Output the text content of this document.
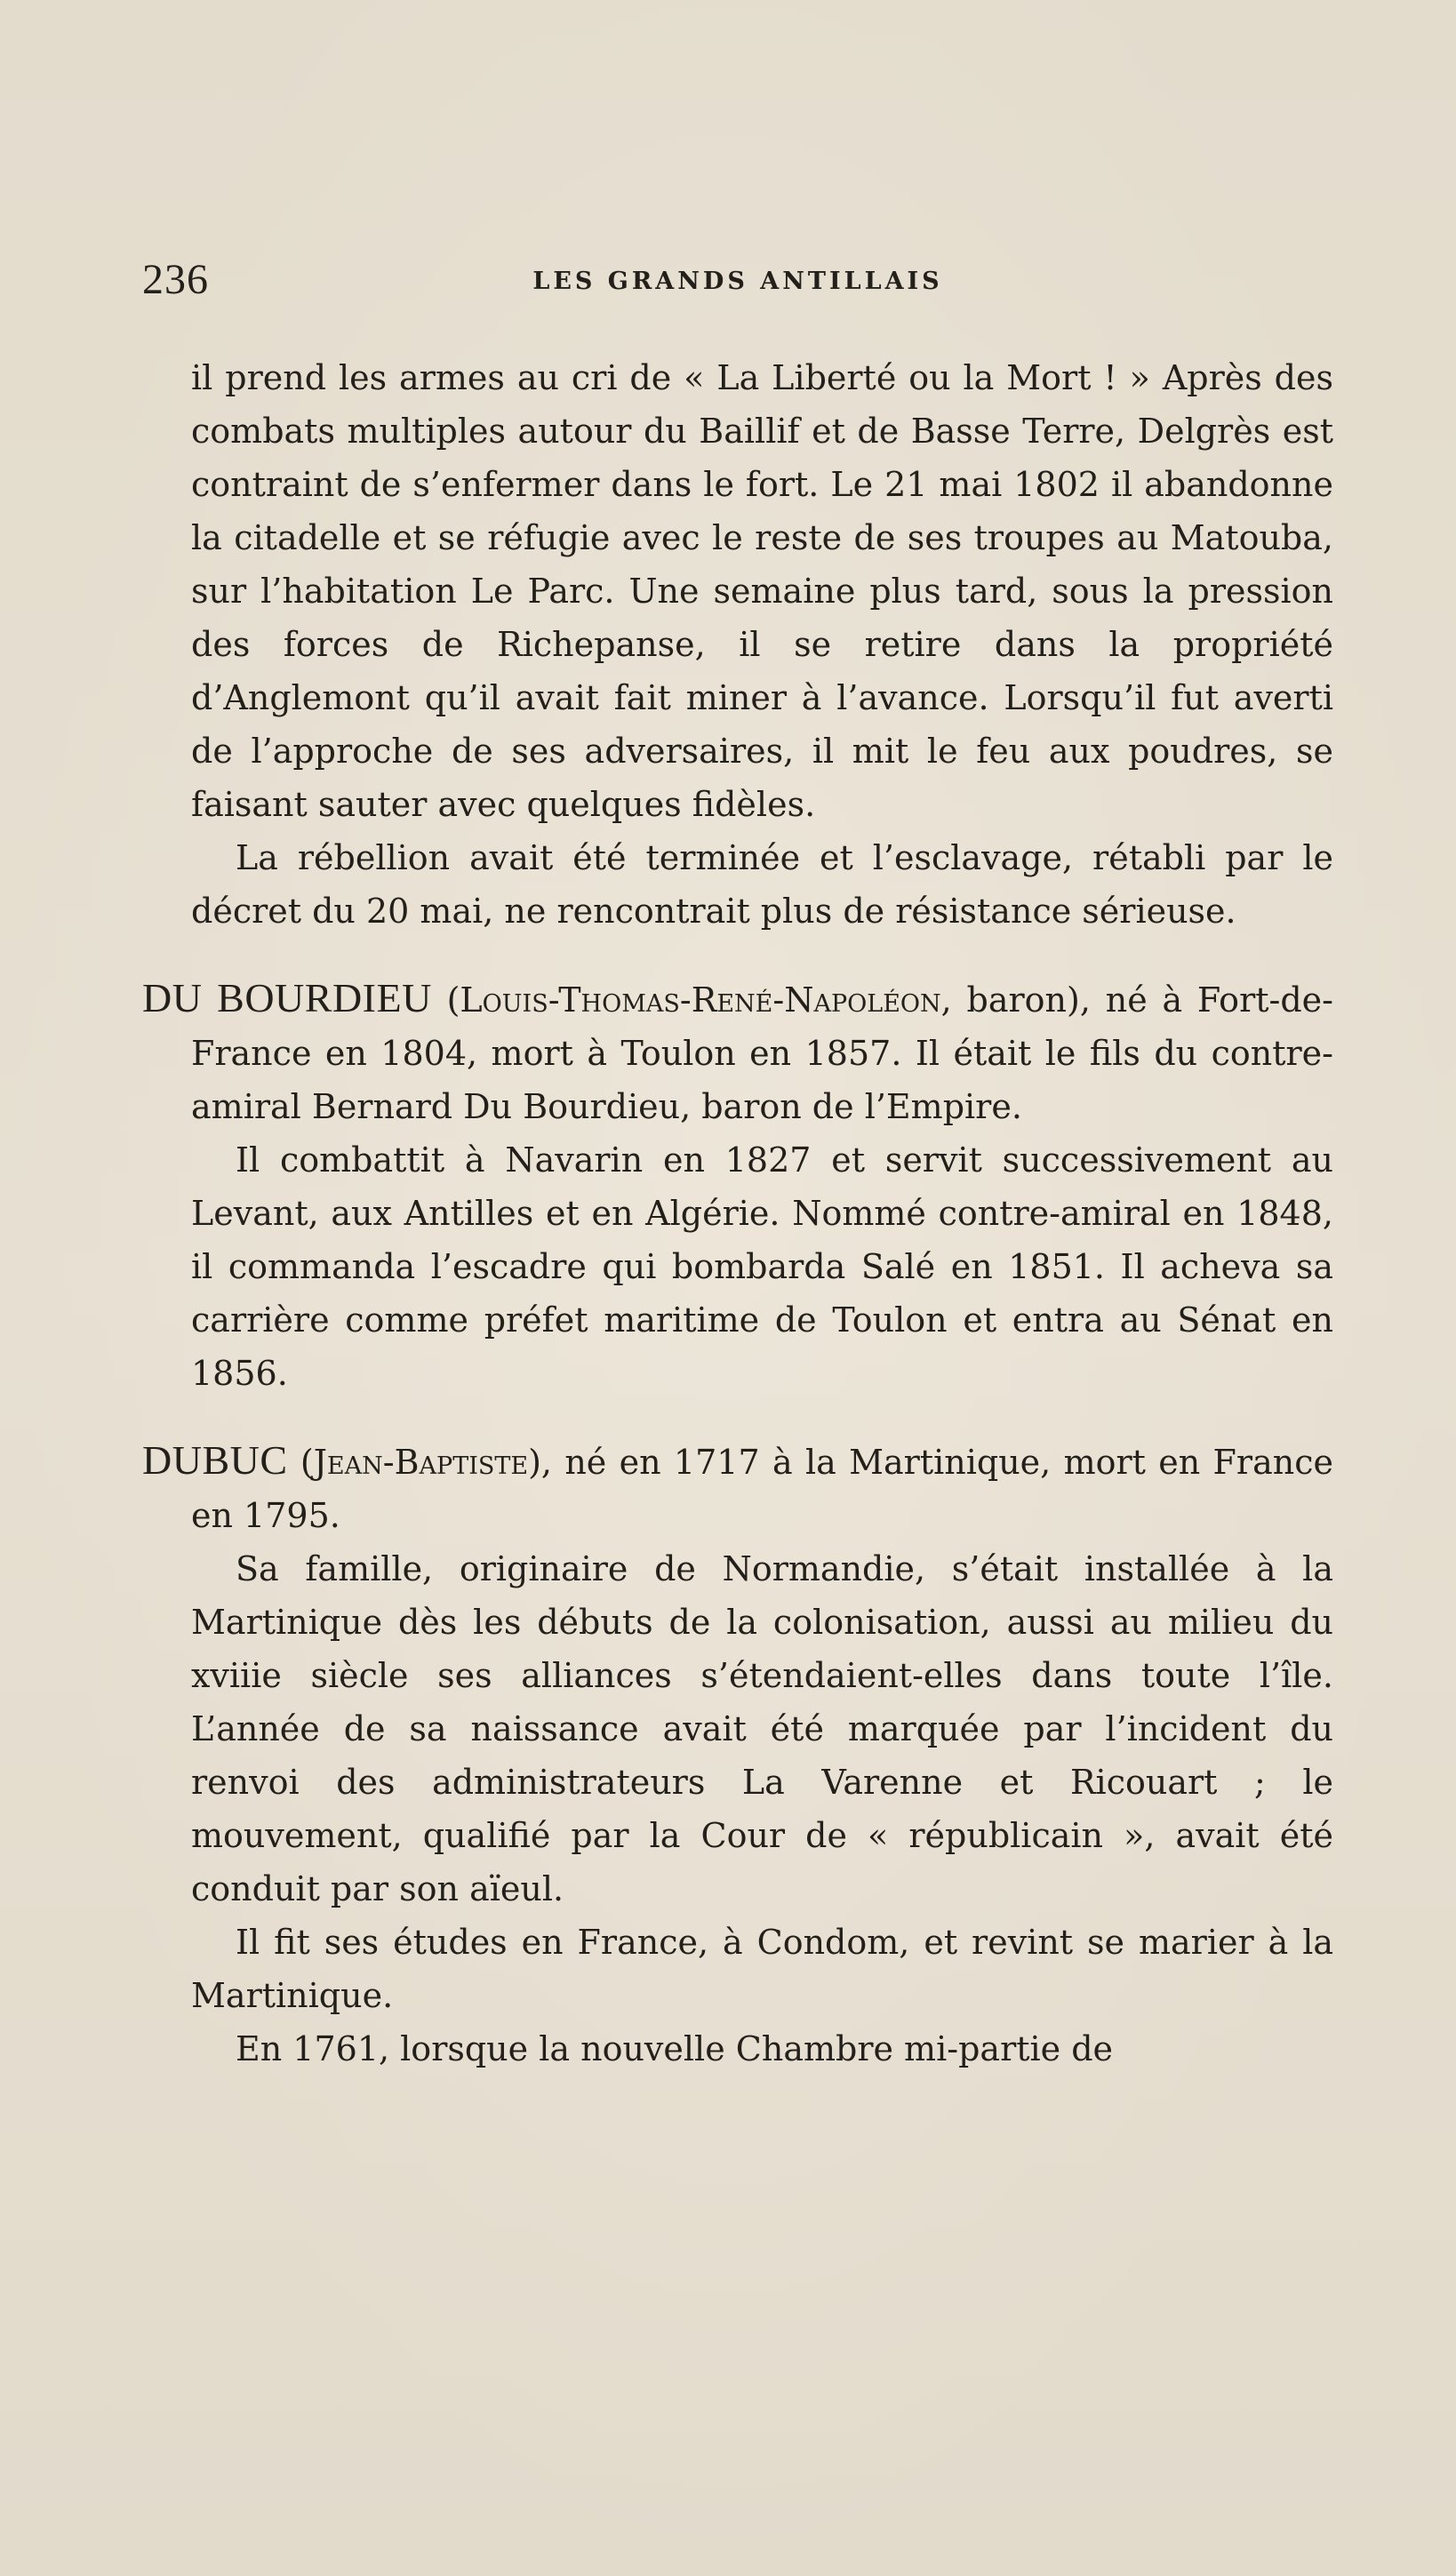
236	LES GRANDS ANTILLAIS

il prend les armes au cri de « La Liberté ou la Mort ! » Après des combats multiples autour du Baillif et de Basse Terre, Delgrès est contraint de s’enfermer dans le fort. Le 21 mai 1802 il abandonne la citadelle et se réfugie avec le reste de ses troupes au Matouba, sur l’habitation Le Parc. Une semaine plus tard, sous la pression des forces de Richepanse, il se retire dans la propriété d’Anglemont qu’il avait fait miner à l’avance. Lorsqu’il fut averti de l’approche de ses adversaires, il mit le feu aux poudres, se faisant sauter avec quelques fidèles.

La rébellion avait été terminée et l’esclavage, rétabli par le décret du 20 mai, ne rencontrait plus de résistance sérieuse.

DU BOURDIEU (Louis-Thomas-René-Napoléon, baron), né à Fort-de-France en 1804, mort à Toulon en 1857. Il était le fils du contre-amiral Bernard Du Bourdieu, baron de l’Empire.

Il combattit à Navarin en 1827 et servit successivement au Levant, aux Antilles et en Algérie. Nommé contre-amiral en 1848, il commanda l’escadre qui bombarda Salé en 1851. Il acheva sa carrière comme préfet maritime de Toulon et entra au Sénat en 1856.

DUBUC (Jean-Baptiste), né en 1717 à la Martinique, mort en France en 1795.

Sa famille, originaire de Normandie, s’était installée à la Martinique dès les débuts de la colonisation, aussi au milieu du xviiie siècle ses alliances s’étendaient-elles dans toute l’île. L’année de sa naissance avait été marquée par l’incident du renvoi des administrateurs La Varenne et Ricouart ; le mouvement, qualifié par la Cour de « républicain », avait été conduit par son aïeul.

Il fit ses études en France, à Condom, et revint se marier à la Martinique.

En 1761, lorsque la nouvelle Chambre mi-partie de
